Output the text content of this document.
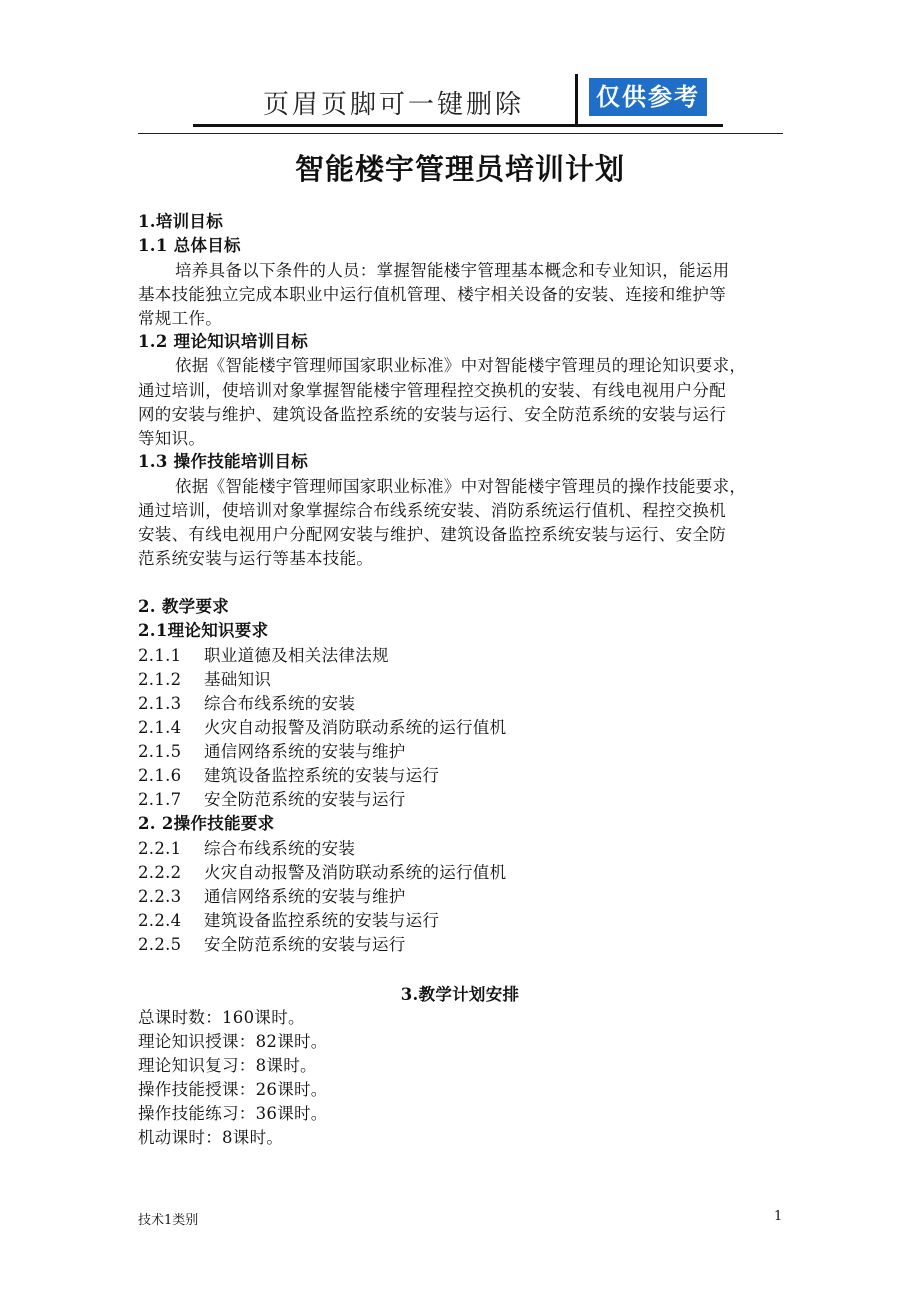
页眉页脚可一键删除	仅供参考
智能楼宇管理员培训计划
1.培训目标
1.1 总体目标
培养具备以下条件的人员：掌握智能楼宇管理基本概念和专业知识，能运用
基本技能独立完成本职业中运行值机管理、楼宇相关设备的安装、连接和维护等
常规工作。
1.2 理论知识培训目标
依据《智能楼宇管理师国家职业标准》中对智能楼宇管理员的理论知识要求，
通过培训，使培训对象掌握智能楼宇管理程控交换机的安装、有线电视用户分配
网的安装与维护、建筑设备监控系统的安装与运行、安全防范系统的安装与运行
等知识。
1.3 操作技能培训目标
依据《智能楼宇管理师国家职业标准》中对智能楼宇管理员的操作技能要求，
通过培训，使培训对象掌握综合布线系统安装、消防系统运行值机、程控交换机
安装、有线电视用户分配网安装与维护、建筑设备监控系统安装与运行、安全防
范系统安装与运行等基本技能。
2. 教学要求
2.1理论知识要求
2.1.1 职业道德及相关法律法规
2.1.2 基础知识
2.1.3 综合布线系统的安装
2.1.4 火灾自动报警及消防联动系统的运行值机
2.1.5 通信网络系统的安装与维护
2.1.6 建筑设备监控系统的安装与运行
2.1.7 安全防范系统的安装与运行
2. 2操作技能要求
2.2.1 综合布线系统的安装
2.2.2 火灾自动报警及消防联动系统的运行值机
2.2.3 通信网络系统的安装与维护
2.2.4 建筑设备监控系统的安装与运行
2.2.5 安全防范系统的安装与运行
3.教学计划安排
总课时数：160课时。
理论知识授课：82课时。
理论知识复习：8课时。
操作技能授课：26课时。
操作技能练习：36课时。
机动课时：8课时。
技术1类别	1
